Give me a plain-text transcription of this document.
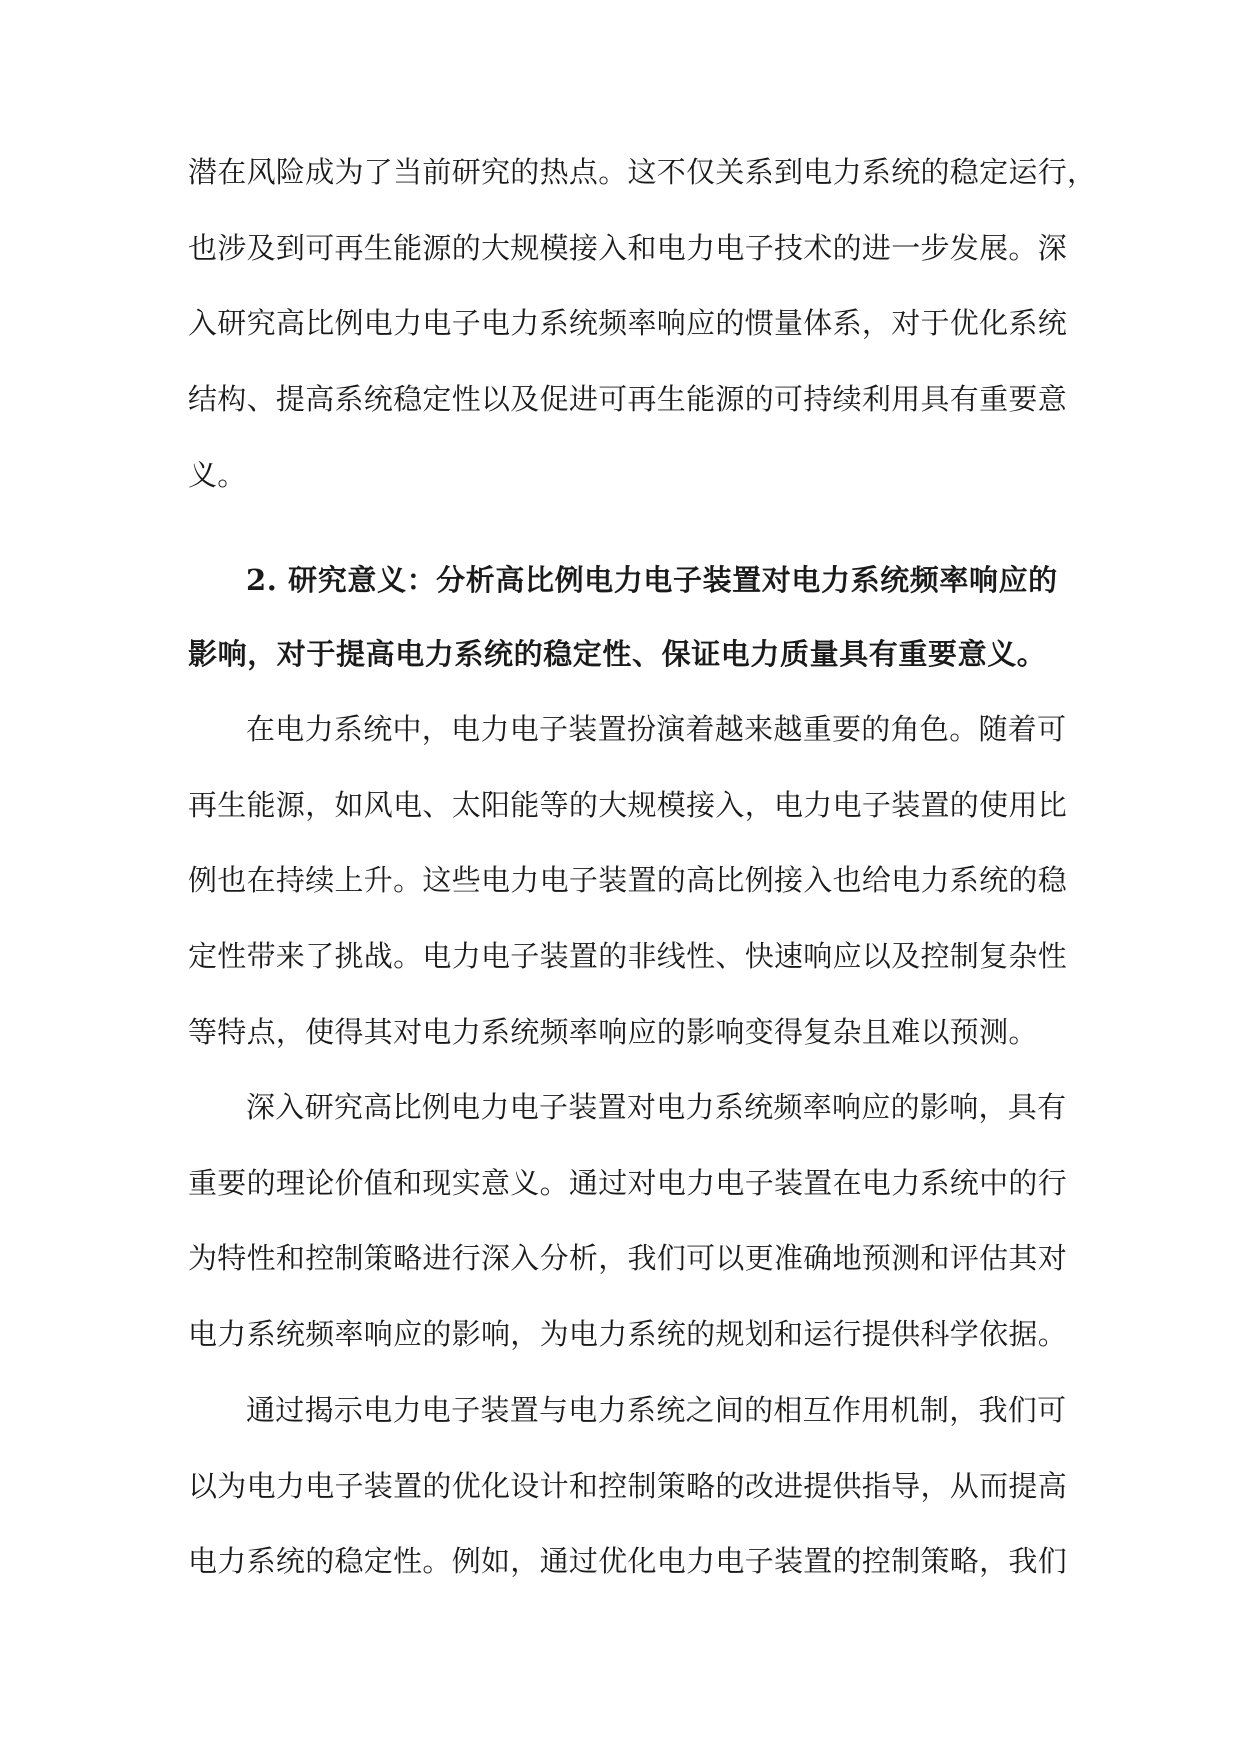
潜在风险成为了当前研究的热点。这不仅关系到电力系统的稳定运行，
也涉及到可再生能源的大规模接入和电力电子技术的进一步发展。深
入研究高比例电力电子电力系统频率响应的惯量体系，对于优化系统
结构、提高系统稳定性以及促进可再生能源的可持续利用具有重要意
义。
2. 研究意义：分析高比例电力电子装置对电力系统频率响应的
影响，对于提高电力系统的稳定性、保证电力质量具有重要意义。
在电力系统中，电力电子装置扮演着越来越重要的角色。随着可
再生能源，如风电、太阳能等的大规模接入，电力电子装置的使用比
例也在持续上升。这些电力电子装置的高比例接入也给电力系统的稳
定性带来了挑战。电力电子装置的非线性、快速响应以及控制复杂性
等特点，使得其对电力系统频率响应的影响变得复杂且难以预测。
深入研究高比例电力电子装置对电力系统频率响应的影响，具有
重要的理论价值和现实意义。通过对电力电子装置在电力系统中的行
为特性和控制策略进行深入分析，我们可以更准确地预测和评估其对
电力系统频率响应的影响，为电力系统的规划和运行提供科学依据。
通过揭示电力电子装置与电力系统之间的相互作用机制，我们可
以为电力电子装置的优化设计和控制策略的改进提供指导，从而提高
电力系统的稳定性。例如，通过优化电力电子装置的控制策略，我们
